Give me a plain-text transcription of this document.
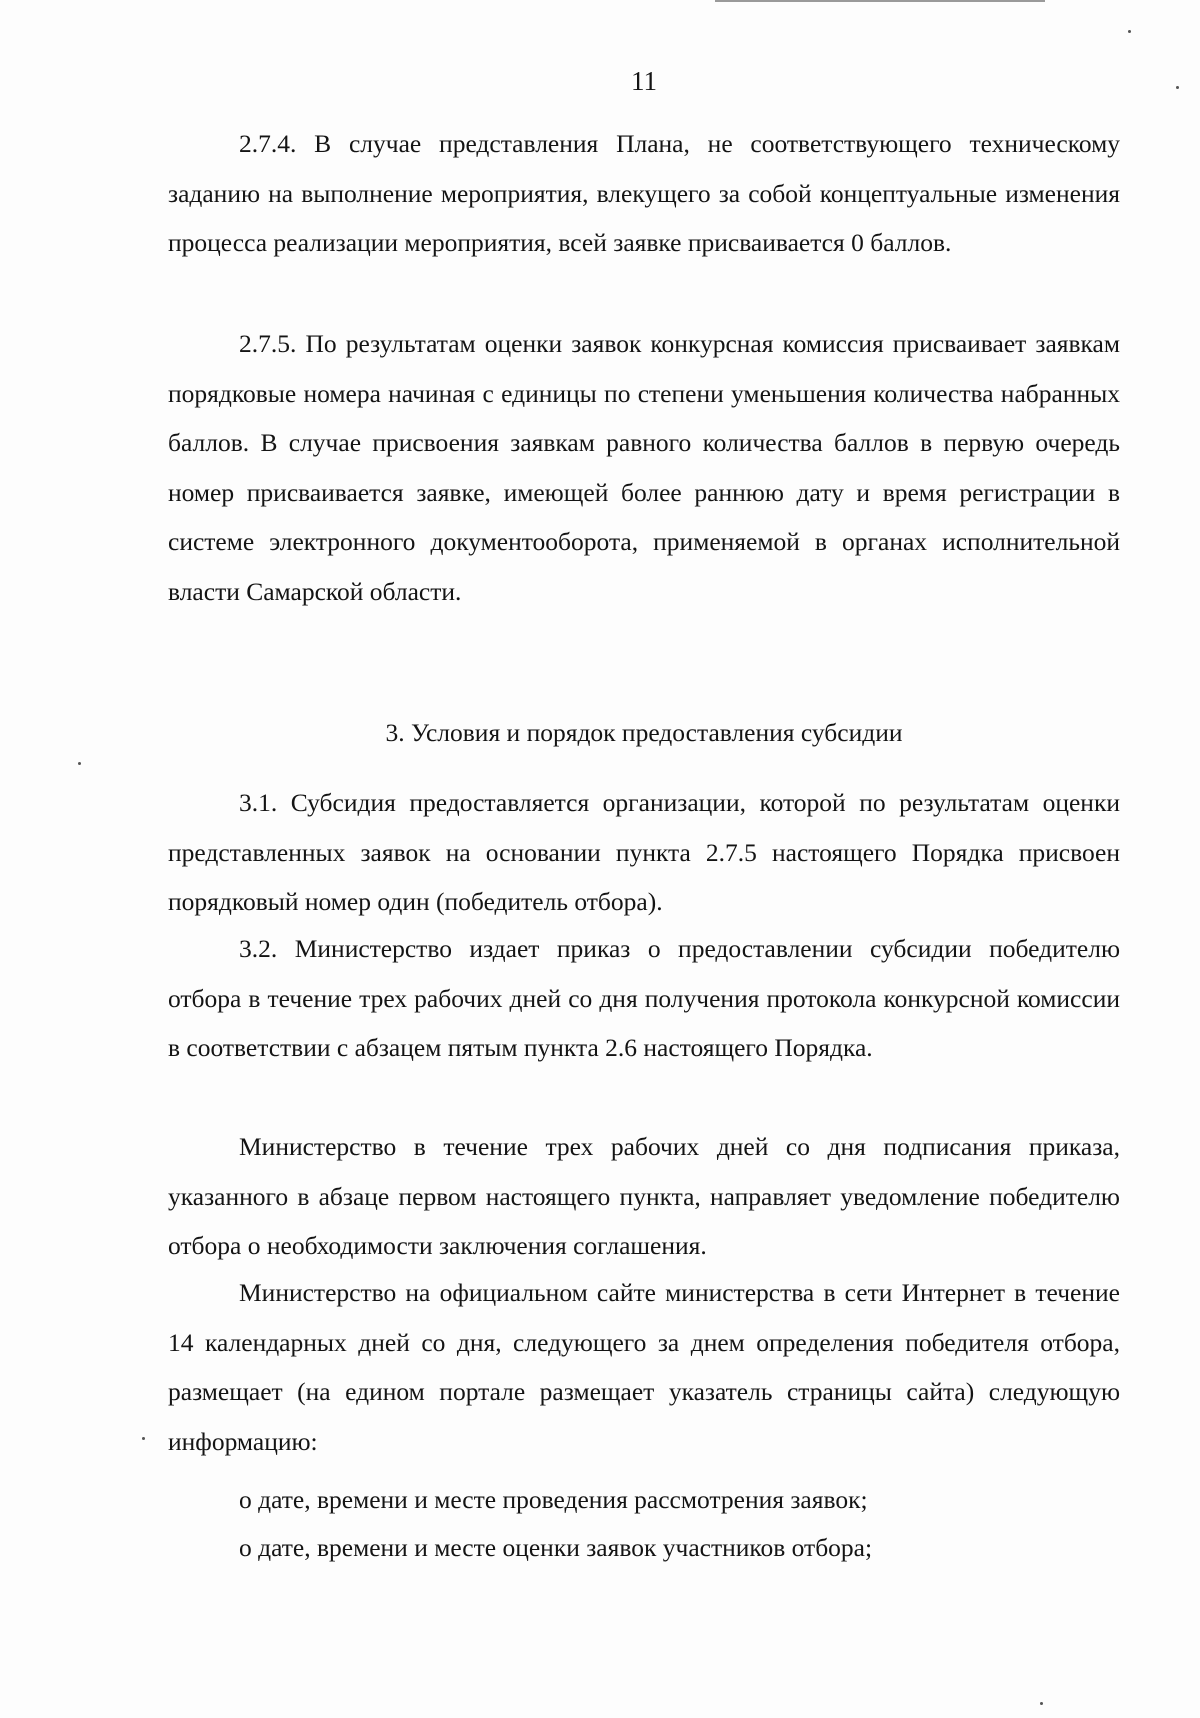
11

2.7.4. В случае представления Плана, не соответствующего техническому заданию на выполнение мероприятия, влекущего за собой концептуальные изменения процесса реализации мероприятия, всей заявке присваивается 0 баллов.

2.7.5. По результатам оценки заявок конкурсная комиссия присваивает заявкам порядковые номера начиная с единицы по степени уменьшения количества набранных баллов. В случае присвоения заявкам равного количества баллов в первую очередь номер присваивается заявке, имеющей более раннюю дату и время регистрации в системе электронного документооборота, применяемой в органах исполнительной власти Самарской области.

3. Условия и порядок предоставления субсидии

3.1. Субсидия предоставляется организации, которой по результатам оценки представленных заявок на основании пункта 2.7.5 настоящего Порядка присвоен порядковый номер один (победитель отбора).

3.2. Министерство издает приказ о предоставлении субсидии победителю отбора в течение трех рабочих дней со дня получения протокола конкурсной комиссии в соответствии с абзацем пятым пункта 2.6 настоящего Порядка.

Министерство в течение трех рабочих дней со дня подписания приказа, указанного в абзаце первом настоящего пункта, направляет уведомление победителю отбора о необходимости заключения соглашения.

Министерство на официальном сайте министерства в сети Интернет в течение 14 календарных дней со дня, следующего за днем определения победителя отбора, размещает (на едином портале размещает указатель страницы сайта) следующую информацию:

о дате, времени и месте проведения рассмотрения заявок;

о дате, времени и месте оценки заявок участников отбора;
